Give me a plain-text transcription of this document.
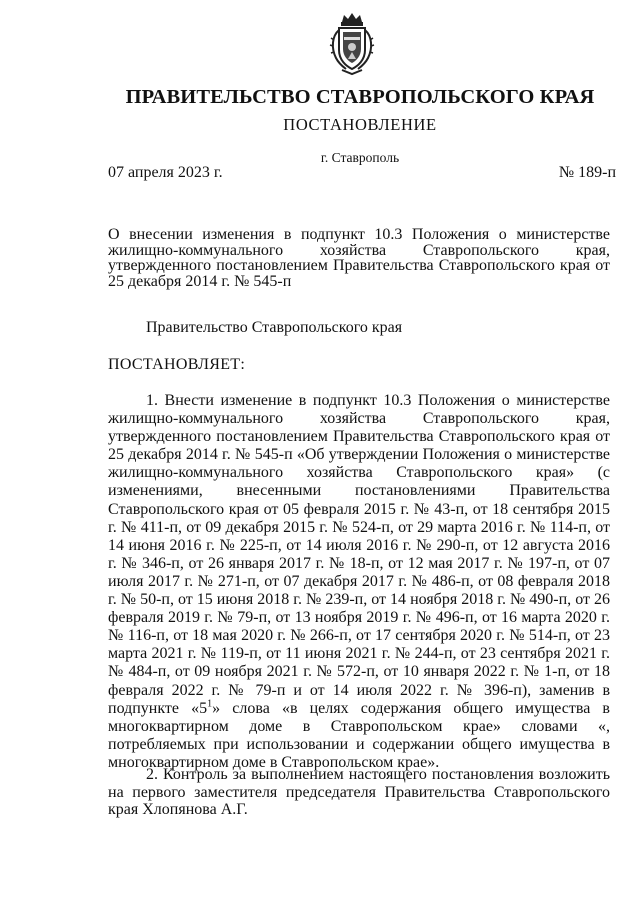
ПРАВИТЕЛЬСТВО СТАВРОПОЛЬСКОГО КРАЯ
ПОСТАНОВЛЕНИЕ
г. Ставрополь
07 апреля 2023 г.	№ 189-п
О внесении изменения в подпункт 10.3 Положения о министерстве жилищно-коммунального хозяйства Ставропольского края, утвержденного постановлением Правительства Ставропольского края от 25 декабря 2014 г. № 545-п
Правительство Ставропольского края
ПОСТАНОВЛЯЕТ:
1. Внести изменение в подпункт 10.3 Положения о министерстве жилищно-коммунального хозяйства Ставропольского края, утвержденного постановлением Правительства Ставропольского края от 25 декабря 2014 г. № 545-п «Об утверждении Положения о министерстве жилищно-коммунального хозяйства Ставропольского края» (с изменениями, внесенными постановлениями Правительства Ставропольского края от 05 февраля 2015 г. № 43-п, от 18 сентября 2015 г. № 411-п, от 09 декабря 2015 г. № 524-п, от 29 марта 2016 г. № 114-п, от 14 июня 2016 г. № 225-п, от 14 июля 2016 г. № 290-п, от 12 августа 2016 г. № 346-п, от 26 января 2017 г. № 18-п, от 12 мая 2017 г. № 197-п, от 07 июля 2017 г. № 271-п, от 07 декабря 2017 г. № 486-п, от 08 февраля 2018 г. № 50-п, от 15 июня 2018 г. № 239-п, от 14 ноября 2018 г. № 490-п, от 26 февраля 2019 г. № 79-п, от 13 ноября 2019 г. № 496-п, от 16 марта 2020 г. № 116-п, от 18 мая 2020 г. № 266-п, от 17 сентября 2020 г. № 514-п, от 23 марта 2021 г. № 119-п, от 11 июня 2021 г. № 244-п, от 23 сентября 2021 г. № 484-п, от 09 ноября 2021 г. № 572-п, от 10 января 2022 г. № 1-п, от 18 февраля 2022 г. № 79-п и от 14 июля 2022 г. № 396-п), заменив в подпункте «$5^1$» слова «в целях содержания общего имущества в многоквартирном доме в Ставропольском крае» словами «, потребляемых при использовании и содержании общего имущества в многоквартирном доме в Ставропольском крае».
2. Контроль за выполнением настоящего постановления возложить на первого заместителя председателя Правительства Ставропольского края Хлопянова А.Г.
